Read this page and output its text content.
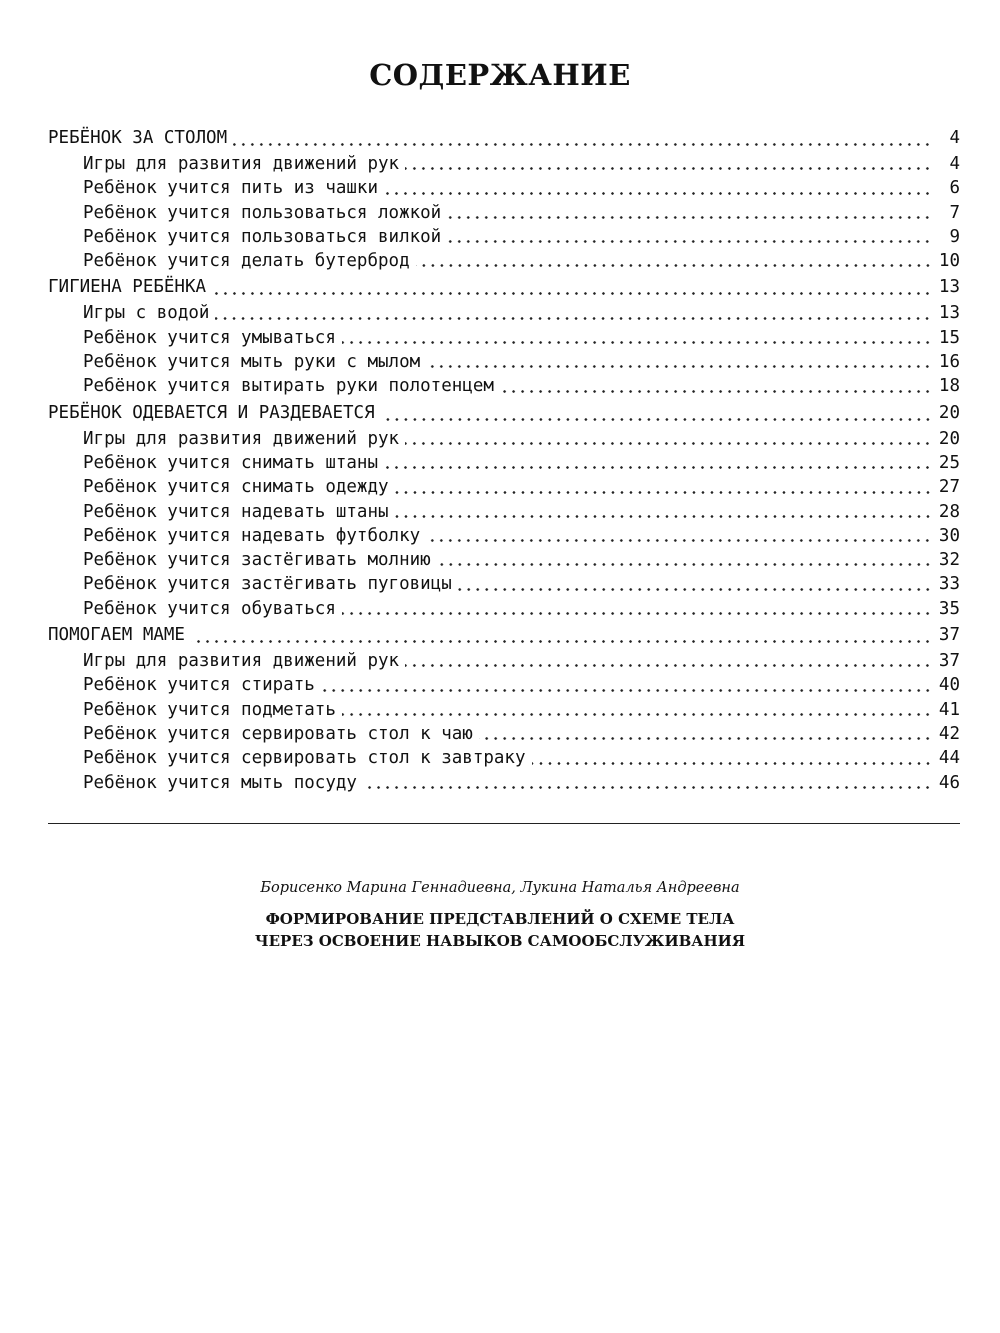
СОДЕРЖАНИЕ
РЕБЁНОК ЗА СТОЛОМ	4
Игры для развития движений рук	4
Ребёнок учится пить из чашки	6
Ребёнок учится пользоваться ложкой	7
Ребёнок учится пользоваться вилкой	9
Ребёнок учится делать бутерброд	10
ГИГИЕНА РЕБЁНКА	13
Игры с водой	13
Ребёнок учится умываться	15
Ребёнок учится мыть руки с мылом	16
Ребёнок учится вытирать руки полотенцем	18
РЕБЁНОК ОДЕВАЕТСЯ И РАЗДЕВАЕТСЯ	20
Игры для развития движений рук	20
Ребёнок учится снимать штаны	25
Ребёнок учится снимать одежду	27
Ребёнок учится надевать штаны	28
Ребёнок учится надевать футболку	30
Ребёнок учится застёгивать молнию	32
Ребёнок учится застёгивать пуговицы	33
Ребёнок учится обуваться	35
ПОМОГАЕМ МАМЕ	37
Игры для развития движений рук	37
Ребёнок учится стирать	40
Ребёнок учится подметать	41
Ребёнок учится сервировать стол к чаю	42
Ребёнок учится сервировать стол к завтраку	44
Ребёнок учится мыть посуду	46
Борисенко Марина Геннадиевна, Лукина Наталья Андреевна
ФОРМИРОВАНИЕ ПРЕДСТАВЛЕНИЙ О СХЕМЕ ТЕЛА
ЧЕРЕЗ ОСВОЕНИЕ НАВЫКОВ САМООБСЛУЖИВАНИЯ
